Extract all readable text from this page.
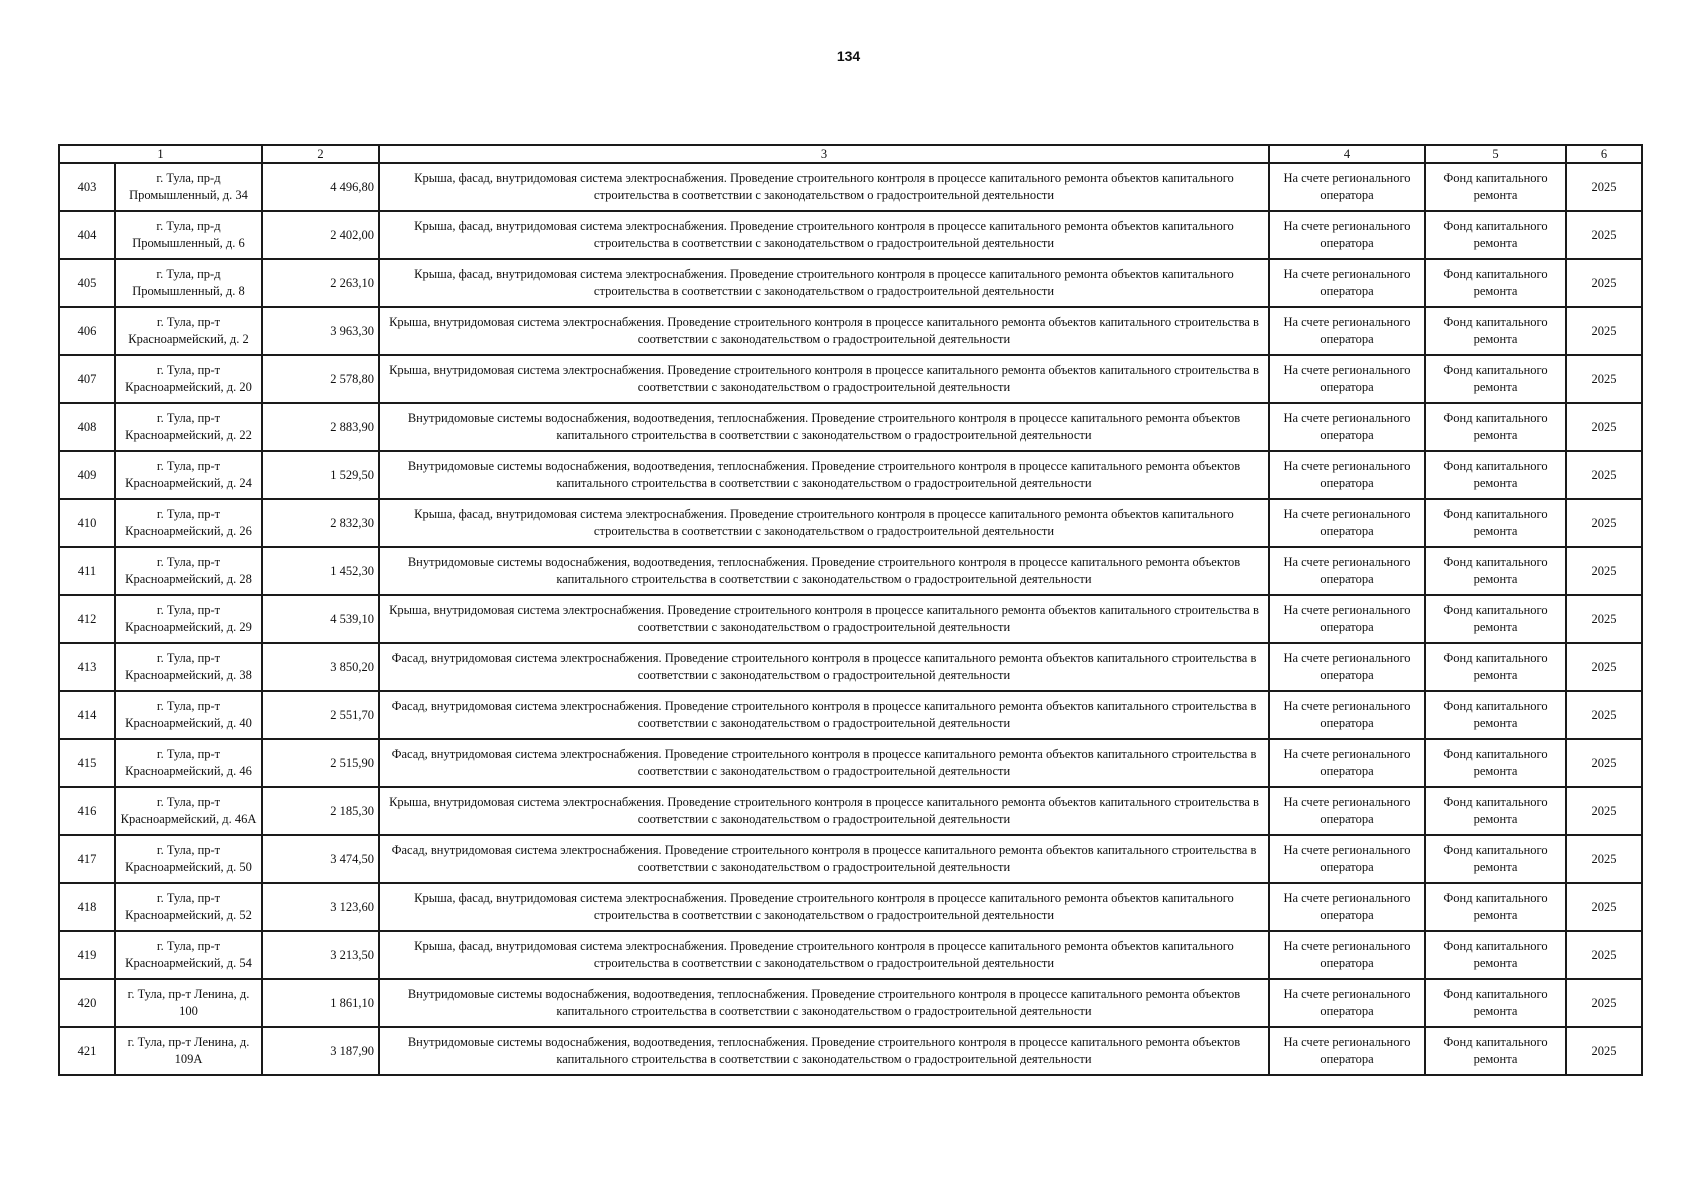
134
1		2	3	4	5	6
403	г. Тула, пр-д Промышленный, д. 34	4 496,80	Крыша, фасад, внутридомовая система электроснабжения. Проведение строительного контроля в процессе капитального ремонта объектов капитального строительства в соответствии с законодательством о градостроительной деятельности	На счете регионального оператора	Фонд капитального ремонта	2025
404	г. Тула, пр-д Промышленный, д. 6	2 402,00	Крыша, фасад, внутридомовая система электроснабжения. Проведение строительного контроля в процессе капитального ремонта объектов капитального строительства в соответствии с законодательством о градостроительной деятельности	На счете регионального оператора	Фонд капитального ремонта	2025
405	г. Тула, пр-д Промышленный, д. 8	2 263,10	Крыша, фасад, внутридомовая система электроснабжения. Проведение строительного контроля в процессе капитального ремонта объектов капитального строительства в соответствии с законодательством о градостроительной деятельности	На счете регионального оператора	Фонд капитального ремонта	2025
406	г. Тула, пр-т Красноармейский, д. 2	3 963,30	Крыша, внутридомовая система электроснабжения. Проведение строительного контроля в процессе капитального ремонта объектов капитального строительства в соответствии с законодательством о градостроительной деятельности	На счете регионального оператора	Фонд капитального ремонта	2025
407	г. Тула, пр-т Красноармейский, д. 20	2 578,80	Крыша, внутридомовая система электроснабжения. Проведение строительного контроля в процессе капитального ремонта объектов капитального строительства в соответствии с законодательством о градостроительной деятельности	На счете регионального оператора	Фонд капитального ремонта	2025
408	г. Тула, пр-т Красноармейский, д. 22	2 883,90	Внутридомовые системы водоснабжения, водоотведения, теплоснабжения. Проведение строительного контроля в процессе капитального ремонта объектов капитального строительства в соответствии с законодательством о градостроительной деятельности	На счете регионального оператора	Фонд капитального ремонта	2025
409	г. Тула, пр-т Красноармейский, д. 24	1 529,50	Внутридомовые системы водоснабжения, водоотведения, теплоснабжения. Проведение строительного контроля в процессе капитального ремонта объектов капитального строительства в соответствии с законодательством о градостроительной деятельности	На счете регионального оператора	Фонд капитального ремонта	2025
410	г. Тула, пр-т Красноармейский, д. 26	2 832,30	Крыша, фасад, внутридомовая система электроснабжения. Проведение строительного контроля в процессе капитального ремонта объектов капитального строительства в соответствии с законодательством о градостроительной деятельности	На счете регионального оператора	Фонд капитального ремонта	2025
411	г. Тула, пр-т Красноармейский, д. 28	1 452,30	Внутридомовые системы водоснабжения, водоотведения, теплоснабжения. Проведение строительного контроля в процессе капитального ремонта объектов капитального строительства в соответствии с законодательством о градостроительной деятельности	На счете регионального оператора	Фонд капитального ремонта	2025
412	г. Тула, пр-т Красноармейский, д. 29	4 539,10	Крыша, внутридомовая система электроснабжения. Проведение строительного контроля в процессе капитального ремонта объектов капитального строительства в соответствии с законодательством о градостроительной деятельности	На счете регионального оператора	Фонд капитального ремонта	2025
413	г. Тула, пр-т Красноармейский, д. 38	3 850,20	Фасад, внутридомовая система электроснабжения. Проведение строительного контроля в процессе капитального ремонта объектов капитального строительства в соответствии с законодательством о градостроительной деятельности	На счете регионального оператора	Фонд капитального ремонта	2025
414	г. Тула, пр-т Красноармейский, д. 40	2 551,70	Фасад, внутридомовая система электроснабжения. Проведение строительного контроля в процессе капитального ремонта объектов капитального строительства в соответствии с законодательством о градостроительной деятельности	На счете регионального оператора	Фонд капитального ремонта	2025
415	г. Тула, пр-т Красноармейский, д. 46	2 515,90	Фасад, внутридомовая система электроснабжения. Проведение строительного контроля в процессе капитального ремонта объектов капитального строительства в соответствии с законодательством о градостроительной деятельности	На счете регионального оператора	Фонд капитального ремонта	2025
416	г. Тула, пр-т Красноармейский, д. 46А	2 185,30	Крыша, внутридомовая система электроснабжения. Проведение строительного контроля в процессе капитального ремонта объектов капитального строительства в соответствии с законодательством о градостроительной деятельности	На счете регионального оператора	Фонд капитального ремонта	2025
417	г. Тула, пр-т Красноармейский, д. 50	3 474,50	Фасад, внутридомовая система электроснабжения. Проведение строительного контроля в процессе капитального ремонта объектов капитального строительства в соответствии с законодательством о градостроительной деятельности	На счете регионального оператора	Фонд капитального ремонта	2025
418	г. Тула, пр-т Красноармейский, д. 52	3 123,60	Крыша, фасад, внутридомовая система электроснабжения. Проведение строительного контроля в процессе капитального ремонта объектов капитального строительства в соответствии с законодательством о градостроительной деятельности	На счете регионального оператора	Фонд капитального ремонта	2025
419	г. Тула, пр-т Красноармейский, д. 54	3 213,50	Крыша, фасад, внутридомовая система электроснабжения. Проведение строительного контроля в процессе капитального ремонта объектов капитального строительства в соответствии с законодательством о градостроительной деятельности	На счете регионального оператора	Фонд капитального ремонта	2025
420	г. Тула, пр-т Ленина, д. 100	1 861,10	Внутридомовые системы водоснабжения, водоотведения, теплоснабжения. Проведение строительного контроля в процессе капитального ремонта объектов капитального строительства в соответствии с законодательством о градостроительной деятельности	На счете регионального оператора	Фонд капитального ремонта	2025
421	г. Тула, пр-т Ленина, д. 109А	3 187,90	Внутридомовые системы водоснабжения, водоотведения, теплоснабжения. Проведение строительного контроля в процессе капитального ремонта объектов капитального строительства в соответствии с законодательством о градостроительной деятельности	На счете регионального оператора	Фонд капитального ремонта	2025
